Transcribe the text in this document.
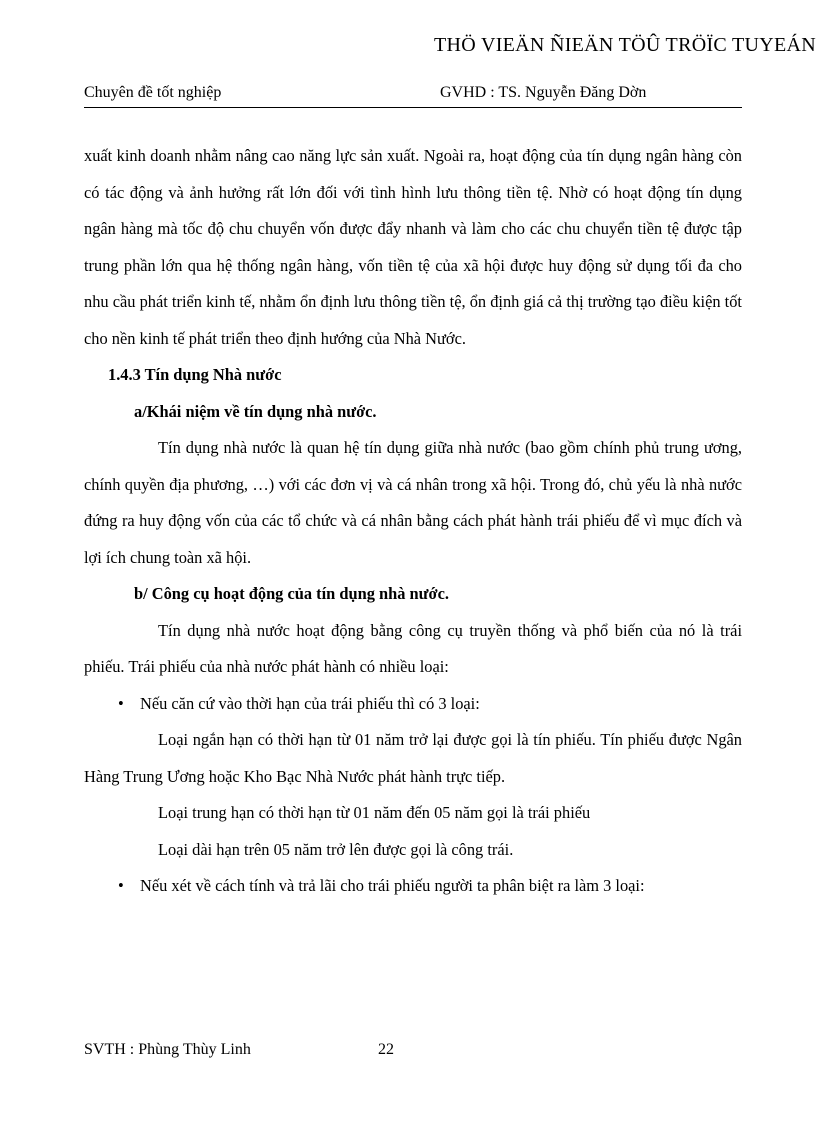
THÖ VIEÄN ÑIEÄN TÖÛ TRÖÏC TUYEÁN
Chuyên đề tốt nghiệp	GVHD : TS. Nguyễn Đăng Dờn

xuất kinh doanh nhằm nâng cao năng lực sản xuất. Ngoài ra, hoạt động của tín dụng ngân hàng còn có tác động và ảnh hưởng rất lớn đối với tình hình lưu thông tiền tệ. Nhờ có hoạt động tín dụng ngân hàng mà tốc độ chu chuyển vốn được đẩy nhanh và làm cho các chu chuyển tiền tệ được tập trung phần lớn qua hệ thống ngân hàng, vốn tiền tệ của xã hội được huy động sử dụng tối đa cho nhu cầu phát triển kinh tế, nhằm ổn định lưu thông tiền tệ, ổn định giá cả thị trường tạo điều kiện tốt cho nền kinh tế phát triển theo định hướng của Nhà Nước.

1.4.3 Tín dụng Nhà nước

a/Khái niệm về tín dụng nhà nước.

Tín dụng nhà nước là quan hệ tín dụng giữa nhà nước (bao gồm chính phủ trung ương, chính quyền địa phương, …) với các đơn vị và cá nhân trong xã hội. Trong đó, chủ yếu là nhà nước đứng ra huy động vốn của các tổ chức và cá nhân bằng cách phát hành trái phiếu để vì mục đích và lợi ích chung toàn xã hội.

b/ Công cụ hoạt động của tín dụng nhà nước.

Tín dụng nhà nước hoạt động bằng công cụ truyền thống và phổ biến của nó là trái phiếu. Trái phiếu của nhà nước phát hành có nhiều loại:

• Nếu căn cứ vào thời hạn của trái phiếu thì có 3 loại:

Loại ngắn hạn có thời hạn từ 01 năm trở lại được gọi là tín phiếu. Tín phiếu được Ngân Hàng Trung Ương hoặc Kho Bạc Nhà Nước phát hành trực tiếp.

Loại trung hạn có thời hạn từ 01 năm đến 05 năm gọi là trái phiếu

Loại dài hạn trên 05 năm trở lên được gọi là công trái.

• Nếu xét về cách tính và trả lãi cho trái phiếu người ta phân biệt ra làm 3 loại:

SVTH : Phùng Thùy Linh	22
